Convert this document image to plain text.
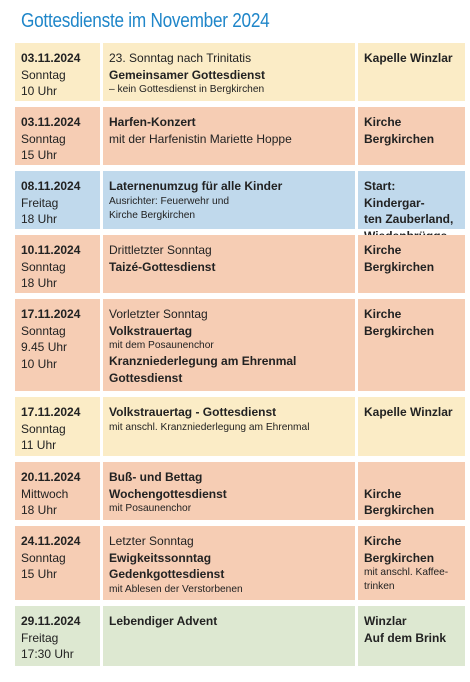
Gottesdienste im November 2024
03.11.2024
Sonntag
10 Uhr
23. Sonntag nach Trinitatis
Gemeinsamer Gottesdienst
– kein Gottesdienst in Bergkirchen
Kapelle Winzlar
03.11.2024
Sonntag
15 Uhr
Harfen-Konzert
mit der Harfenistin Mariette Hoppe
Kirche
Bergkirchen
08.11.2024
Freitag
18 Uhr
Laternenumzug für alle Kinder
Ausrichter: Feuerwehr und
Kirche Bergkirchen
Start: Kindergar-
ten Zauberland,
10.11.2024
Sonntag
18 Uhr
Drittletzter Sonntag
Taizé-Gottesdienst
Kirche
Bergkirchen
17.11.2024
Sonntag
9.45 Uhr
10 Uhr
Vorletzter Sonntag
Volkstrauertag
mit dem Posaunenchor
Kranzniederlegung am Ehrenmal
Gottesdienst
Kirche
Bergkirchen
17.11.2024
Sonntag
11 Uhr
Volkstrauertag - Gottesdienst
mit anschl. Kranzniederlegung am Ehrenmal
Kapelle Winzlar
20.11.2024
Mittwoch
18 Uhr
Buß- und Bettag
Wochengottesdienst
mit Posaunenchor

Kirche
Bergkirchen
24.11.2024
Sonntag
15 Uhr
Letzter Sonntag
Ewigkeitssonntag
Gedenkgottesdienst
mit Ablesen der Verstorbenen
Kirche
Bergkirchen
mit anschl. Kaffee-
trinken
29.11.2024
Freitag
17:30 Uhr
Lebendiger Advent	Winzlar
Auf dem Brink
